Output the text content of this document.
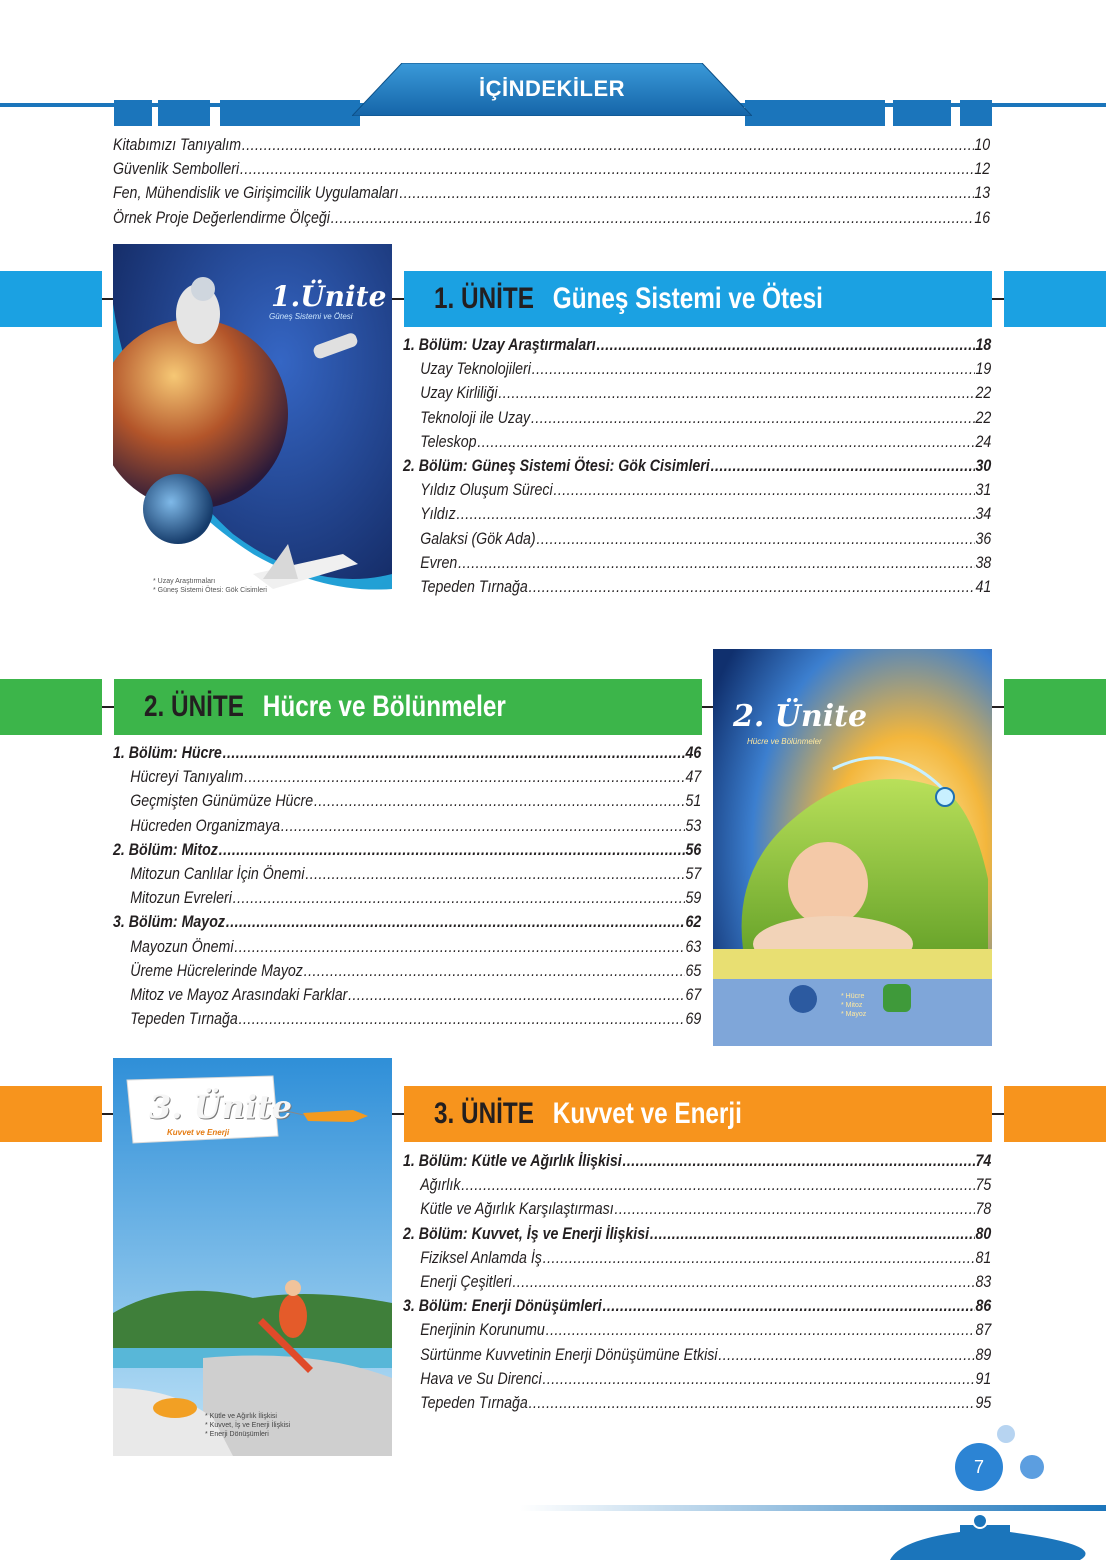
İÇİNDEKİLER
Kitabımızı Tanıyalım .....	10
Güvenlik Sembolleri .....	12
Fen, Mühendislik ve Girişimcilik Uygulamaları .....	13
Örnek Proje Değerlendirme Ölçeği .....	16
1. ÜNİTE Güneş Sistemi ve Ötesi
1.Ünite
Güneş Sistemi ve Ötesi
* Uzay Araştırmaları
* Güneş Sistemi Ötesi: Gök Cisimleri
1. Bölüm: Uzay Araştırmaları .....	18
Uzay Teknolojileri .....	19
Uzay Kirliliği .....	22
Teknoloji ile Uzay .....	22
Teleskop .....	24
2. Bölüm: Güneş Sistemi Ötesi: Gök Cisimleri .....	30
Yıldız Oluşum Süreci .....	31
Yıldız .....	34
Galaksi (Gök Ada) .....	36
Evren .....	38
Tepeden Tırnağa .....	41
2. ÜNİTE Hücre ve Bölünmeler	2. Ünite
Hücre ve Bölünmeler
* Hücre
* Mitoz
* Mayoz
1. Bölüm: Hücre .....	46
Hücreyi Tanıyalım .....	47
Geçmişten Günümüze Hücre .....	51
Hücreden Organizmaya .....	53
2. Bölüm: Mitoz .....	56
Mitozun Canlılar İçin Önemi .....	57
Mitozun Evreleri .....	59
3. Bölüm: Mayoz .....	62
Mayozun Önemi .....	63
Üreme Hücrelerinde Mayoz .....	65
Mitoz ve Mayoz Arasındaki Farklar .....	67
Tepeden Tırnağa .....	69
3. ÜNİTE Kuvvet ve Enerji
3. Ünite
Kuvvet ve Enerji
* Kütle ve Ağırlık İlişkisi
* Kuvvet, İş ve Enerji İlişkisi
* Enerji Dönüşümleri
1. Bölüm: Kütle ve Ağırlık İlişkisi .....	74
Ağırlık .....	75
Kütle ve Ağırlık Karşılaştırması .....	78
2. Bölüm: Kuvvet, İş ve Enerji İlişkisi .....	80
Fiziksel Anlamda İş .....	81
Enerji Çeşitleri .....	83
3. Bölüm: Enerji Dönüşümleri .....	86
Enerjinin Korunumu .....	87
Sürtünme Kuvvetinin Enerji Dönüşümüne Etkisi .....	89
Hava ve Su Direnci .....	91
Tepeden Tırnağa .....	95
7
